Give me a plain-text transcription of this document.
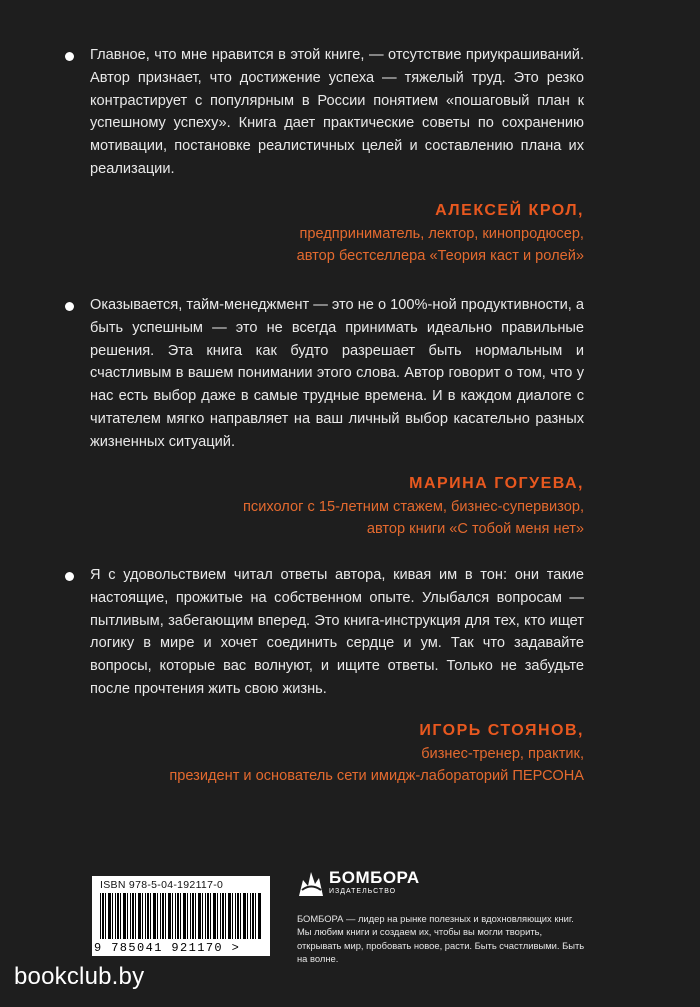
Главное, что мне нравится в этой книге, — отсутствие приукрашиваний. Автор признает, что достижение успеха — тяжелый труд. Это резко контрастирует с популярным в России понятием «пошаговый план к успешному успеху». Книга дает практические советы по сохранению мотивации, постановке реалистичных целей и составлению плана их реализации.

АЛЕКСЕЙ КРОЛ,
предприниматель, лектор, кинопродюсер,
автор бестселлера «Теория каст и ролей»

Оказывается, тайм-менеджмент — это не о 100%-ной продуктивности, а быть успешным — это не всегда принимать идеально правильные решения. Эта книга как будто разрешает быть нормальным и счастливым в вашем понимании этого слова. Автор говорит о том, что у нас есть выбор даже в самые трудные времена. И в каждом диалоге с читателем мягко направляет на ваш личный выбор касательно разных жизненных ситуаций.

МАРИНА ГОГУЕВА,
психолог с 15-летним стажем, бизнес-супервизор,
автор книги «С тобой меня нет»

Я с удовольствием читал ответы автора, кивая им в тон: они такие настоящие, прожитые на собственном опыте. Улыбался вопросам — пытливым, забегающим вперед. Это книга-инструкция для тех, кто ищет логику в мире и хочет соединить сердце и ум. Так что задавайте вопросы, которые вас волнуют, и ищите ответы. Только не забудьте после прочтения жить свою жизнь.

ИГОРЬ СТОЯНОВ,
бизнес-тренер, практик,
президент и основатель сети имидж-лабораторий ПЕРСОНА
ISBN 978-5-04-192117-0
9 785041 921170 >
БОМБОРА
ИЗДАТЕЛЬСТВО

БОМБОРА — лидер на рынке полезных и вдохновляющих книг. Мы любим книги и создаем их, чтобы вы могли творить, открывать мир, пробовать новое, расти. Быть счастливыми. Быть на волне.

bookclub.by
